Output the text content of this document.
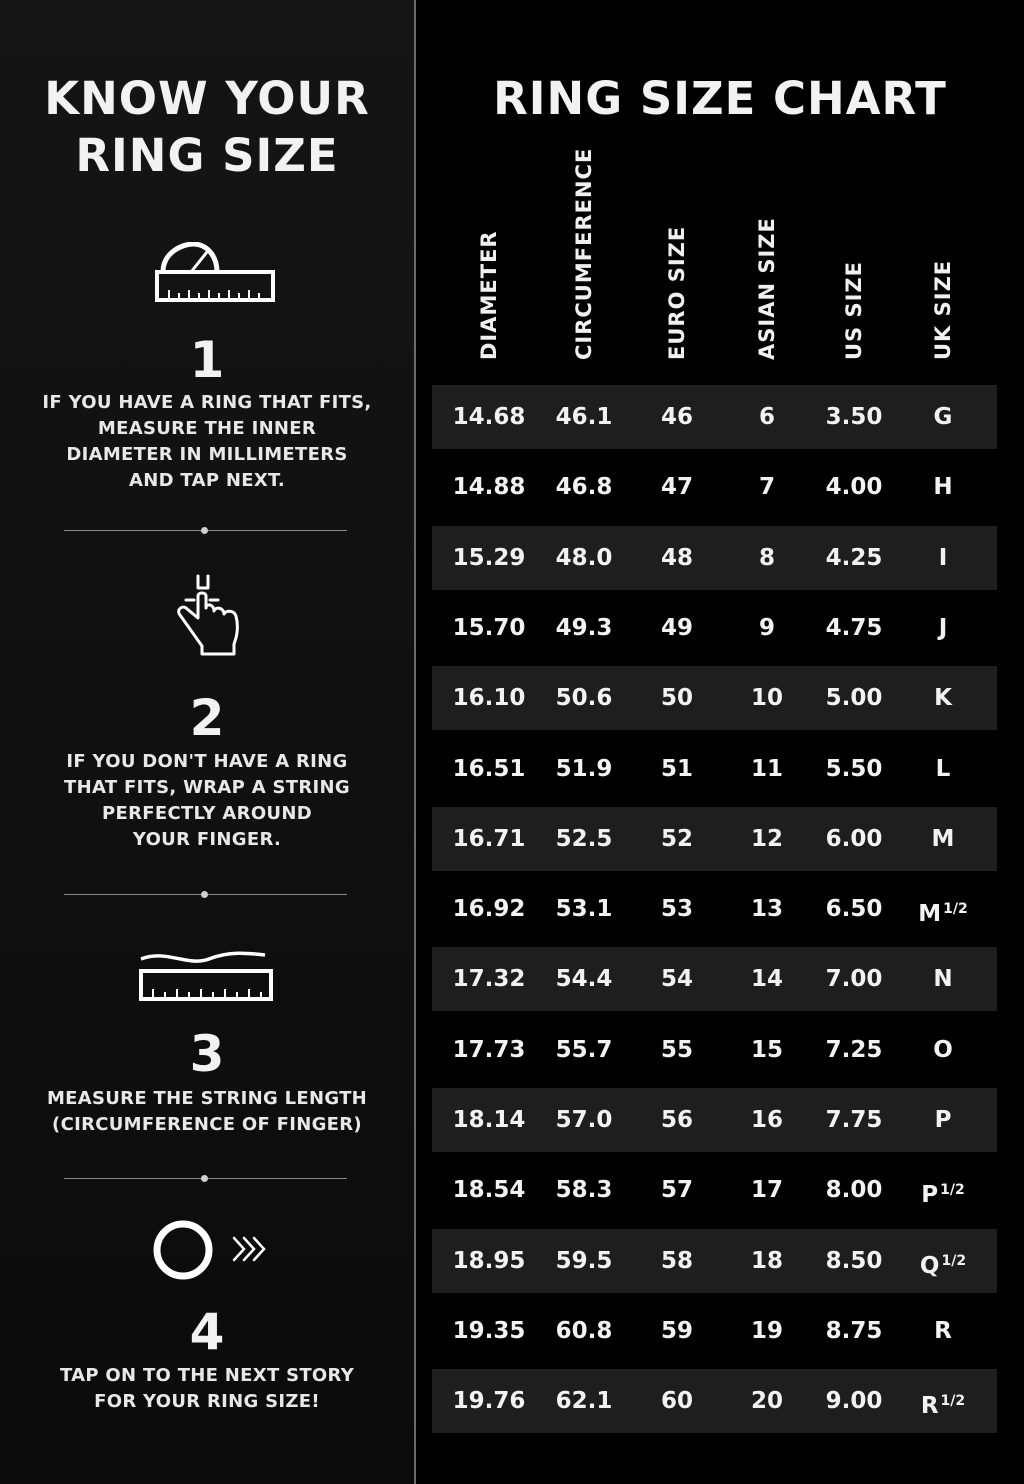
KNOW YOUR
RING SIZE
1
IF YOU HAVE A RING THAT FITS,
MEASURE THE INNER
DIAMETER IN MILLIMETERS
AND TAP NEXT.
2
IF YOU DON'T HAVE A RING
THAT FITS, WRAP A STRING
PERFECTLY AROUND
YOUR FINGER.
3
MEASURE THE STRING LENGTH
(CIRCUMFERENCE OF FINGER)
4
TAP ON TO THE NEXT STORY
FOR YOUR RING SIZE!
RING SIZE CHART
DIAMETER	CIRCUMFERENCE	EURO SIZE	ASIAN SIZE	US SIZE	UK SIZE
14.68	46.1	46	6	3.50	G
14.88	46.8	47	7	4.00	H
15.29	48.0	48	8	4.25	I
15.70	49.3	49	9	4.75	J
16.10	50.6	50	10	5.00	K
16.51	51.9	51	11	5.50	L
16.71	52.5	52	12	6.00	M
16.92	53.1	53	13	6.50	M $^{1/2}$
17.32	54.4	54	14	7.00	N
17.73	55.7	55	15	7.25	O
18.14	57.0	56	16	7.75	P
18.54	58.3	57	17	8.00	P $^{1/2}$
18.95	59.5	58	18	8.50	Q $^{1/2}$
19.35	60.8	59	19	8.75	R
19.76	62.1	60	20	9.00	R $^{1/2}$
